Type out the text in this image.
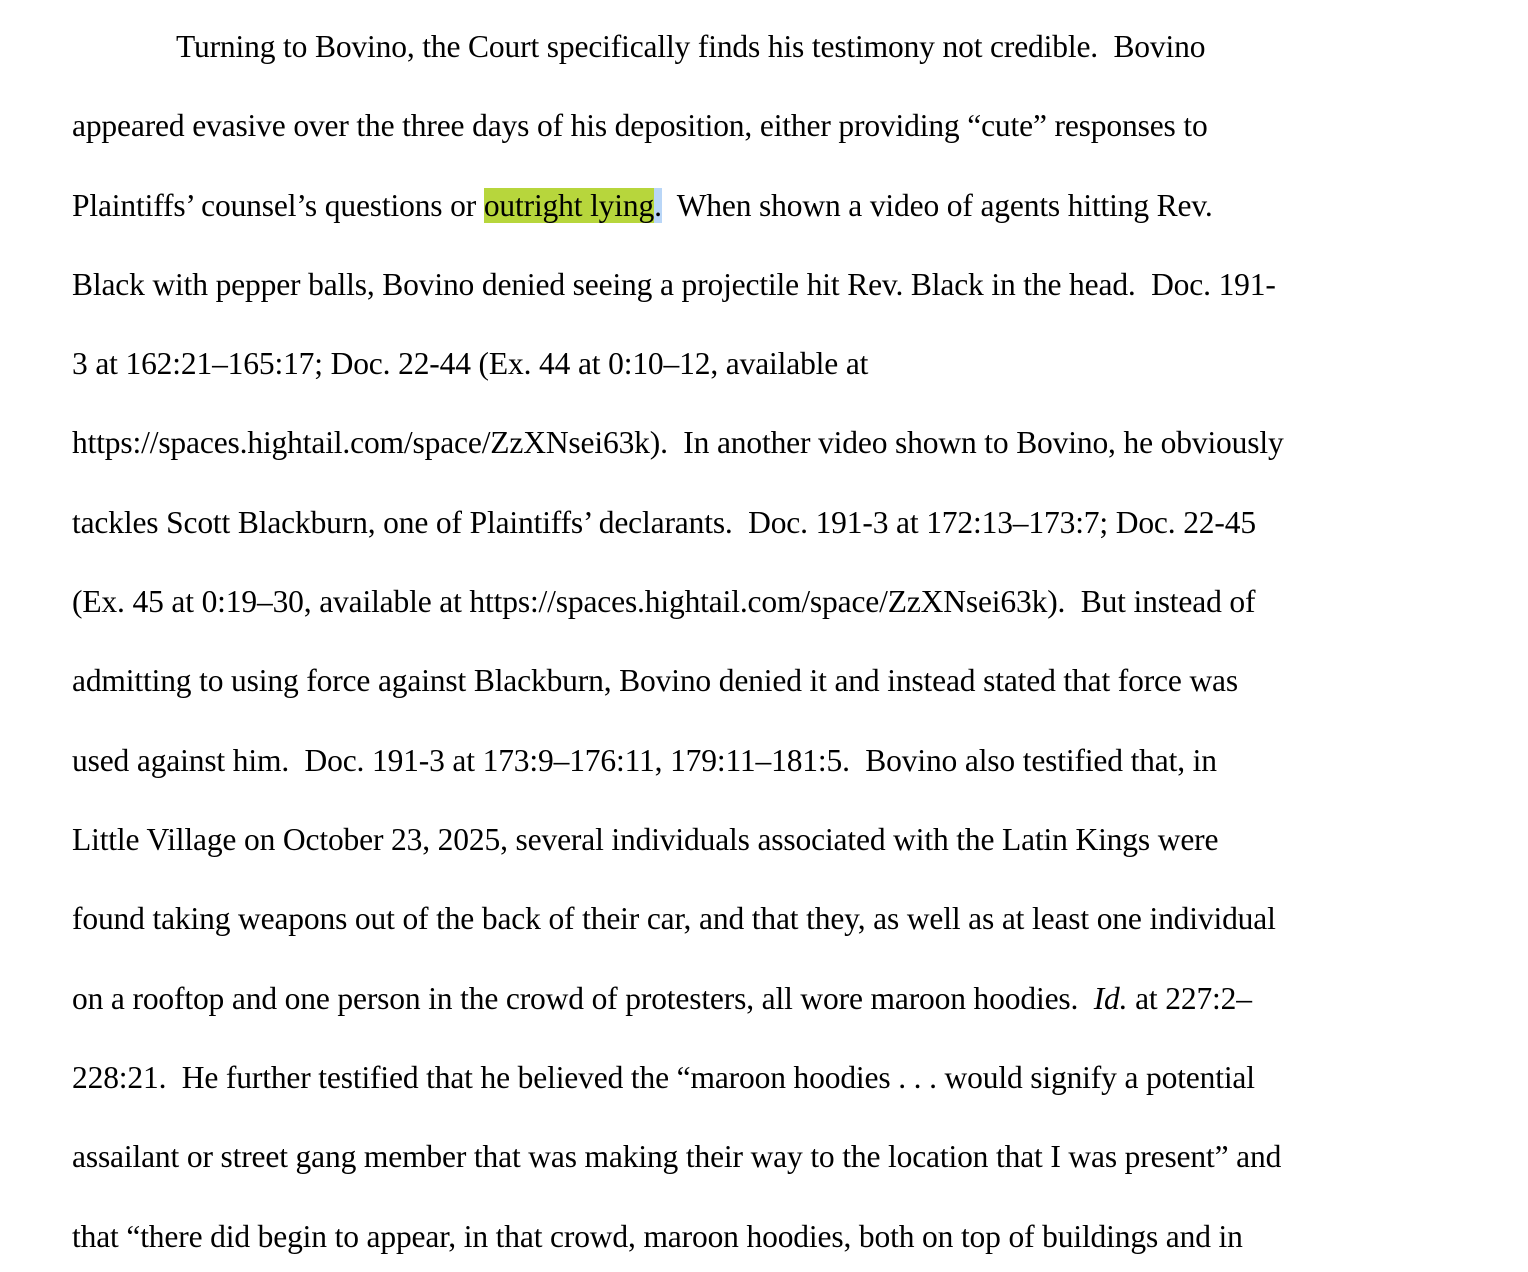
Turning to Bovino, the Court specifically finds his testimony not credible.  Bovino
appeared evasive over the three days of his deposition, either providing “cute” responses to
Plaintiffs’ counsel’s questions or outright lying.  When shown a video of agents hitting Rev.
Black with pepper balls, Bovino denied seeing a projectile hit Rev. Black in the head.  Doc. 191-
3 at 162:21–165:17; Doc. 22-44 (Ex. 44 at 0:10–12, available at
https://spaces.hightail.com/space/ZzXNsei63k).  In another video shown to Bovino, he obviously
tackles Scott Blackburn, one of Plaintiffs’ declarants.  Doc. 191-3 at 172:13–173:7; Doc. 22-45
(Ex. 45 at 0:19–30, available at https://spaces.hightail.com/space/ZzXNsei63k).  But instead of
admitting to using force against Blackburn, Bovino denied it and instead stated that force was
used against him.  Doc. 191-3 at 173:9–176:11, 179:11–181:5.  Bovino also testified that, in
Little Village on October 23, 2025, several individuals associated with the Latin Kings were
found taking weapons out of the back of their car, and that they, as well as at least one individual
on a rooftop and one person in the crowd of protesters, all wore maroon hoodies.  Id. at 227:2–
228:21.  He further testified that he believed the “maroon hoodies . . . would signify a potential
assailant or street gang member that was making their way to the location that I was present” and
that “there did begin to appear, in that crowd, maroon hoodies, both on top of buildings and in
